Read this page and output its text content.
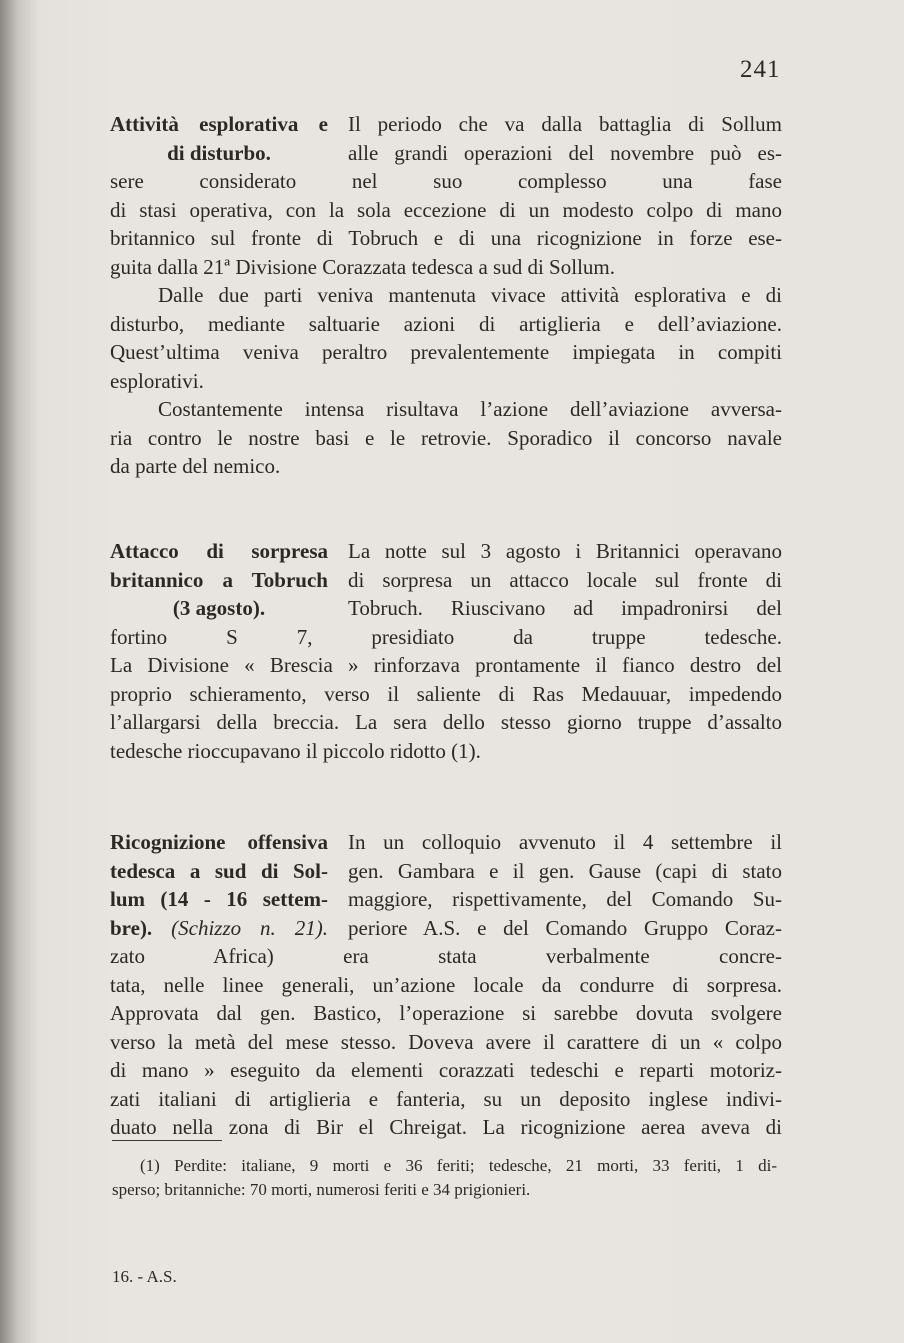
241
Attività esplorativa e
di disturbo.
Il periodo che va dalla battaglia di Sollum
alle grandi operazioni del novembre può es-
sere considerato nel suo complesso una fase
di stasi operativa, con la sola eccezione di un modesto colpo di mano
britannico sul fronte di Tobruch e di una ricognizione in forze ese-
guita dalla 21ª Divisione Corazzata tedesca a sud di Sollum.
Dalle due parti veniva mantenuta vivace attività esplorativa e di
disturbo, mediante saltuarie azioni di artiglieria e dell’aviazione.
Quest’ultima veniva peraltro prevalentemente impiegata in compiti
esplorativi.
Costantemente intensa risultava l’azione dell’aviazione avversa-
ria contro le nostre basi e le retrovie. Sporadico il concorso navale
da parte del nemico.
Attacco di sorpresa
britannico a Tobruch
(3 agosto).
La notte sul 3 agosto i Britannici operavano
di sorpresa un attacco locale sul fronte di
Tobruch. Riuscivano ad impadronirsi del
fortino S 7, presidiato da truppe tedesche.
La Divisione « Brescia » rinforzava prontamente il fianco destro del
proprio schieramento, verso il saliente di Ras Medauuar, impedendo
l’allargarsi della breccia. La sera dello stesso giorno truppe d’assalto
tedesche rioccupavano il piccolo ridotto (1).
Ricognizione offensiva
tedesca a sud di Sol-
lum (14 - 16 settem-
bre). (Schizzo n. 21).
In un colloquio avvenuto il 4 settembre il
gen. Gambara e il gen. Gause (capi di stato
maggiore, rispettivamente, del Comando Su-
periore A.S. e del Comando Gruppo Coraz-
zato Africa) era stata verbalmente concre-
tata, nelle linee generali, un’azione locale da condurre di sorpresa.
Approvata dal gen. Bastico, l’operazione si sarebbe dovuta svolgere
verso la metà del mese stesso. Doveva avere il carattere di un « colpo
di mano » eseguito da elementi corazzati tedeschi e reparti motoriz-
zati italiani di artiglieria e fanteria, su un deposito inglese indivi-
duato nella zona di Bir el Chreigat. La ricognizione aerea aveva di
(1) Perdite: italiane, 9 morti e 36 feriti; tedesche, 21 morti, 33 feriti, 1 di-
sperso; britanniche: 70 morti, numerosi feriti e 34 prigionieri.
16. - A.S.
